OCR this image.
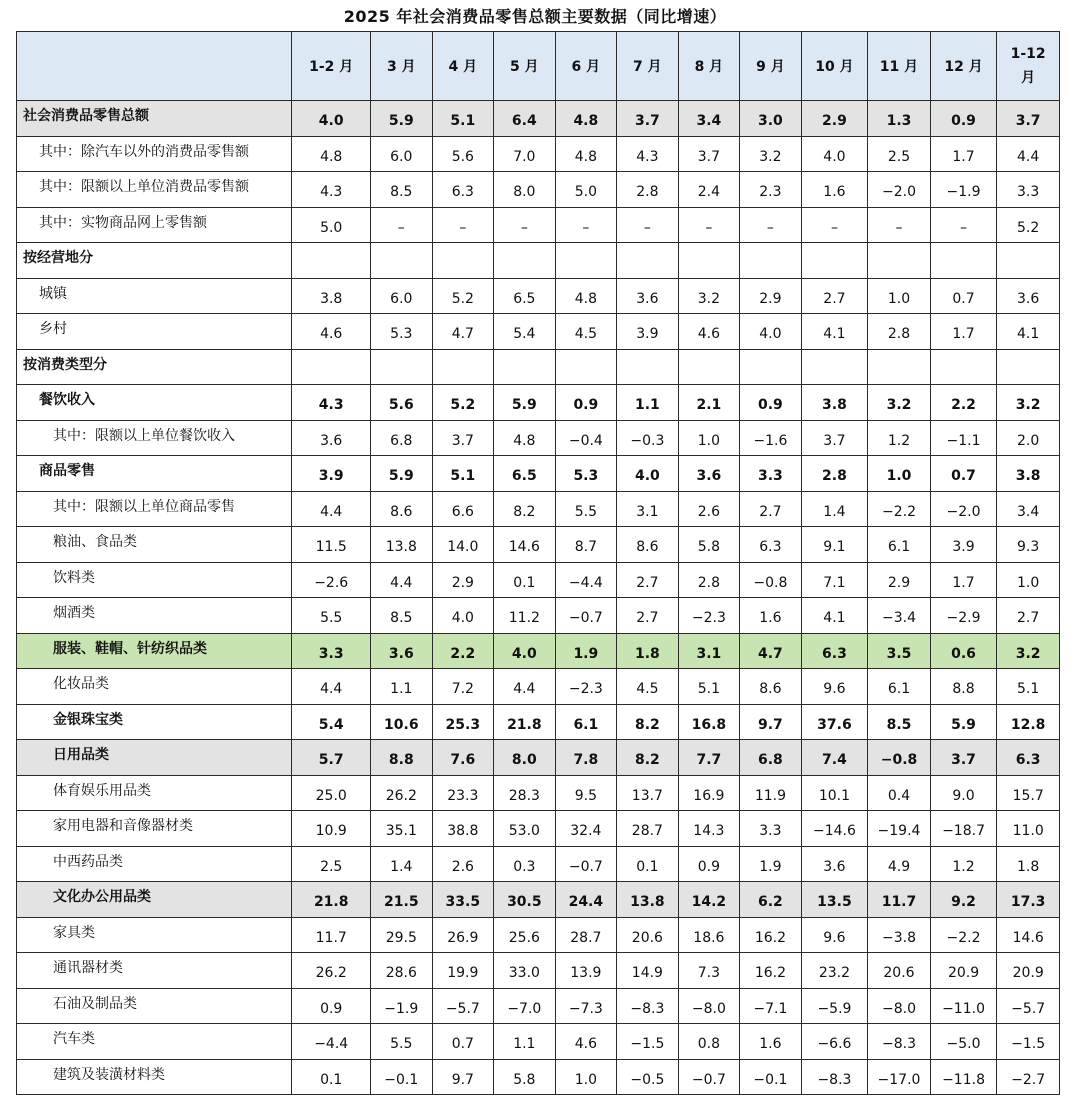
2025 年社会消费品零售总额主要数据（同比增速）
	1-2 月	3 月	4 月	5 月	6 月	7 月	8 月	9 月	10 月	11 月	12 月	1-12
月
社会消费品零售总额	4.0	5.9	5.1	6.4	4.8	3.7	3.4	3.0	2.9	1.3	0.9	3.7
其中：除汽车以外的消费品零售额	4.8	6.0	5.6	7.0	4.8	4.3	3.7	3.2	4.0	2.5	1.7	4.4
其中：限额以上单位消费品零售额	4.3	8.5	6.3	8.0	5.0	2.8	2.4	2.3	1.6	−2.0	−1.9	3.3
其中：实物商品网上零售额	5.0	–	–	–	–	–	–	–	–	–	–	5.2
按经营地分												
城镇	3.8	6.0	5.2	6.5	4.8	3.6	3.2	2.9	2.7	1.0	0.7	3.6
乡村	4.6	5.3	4.7	5.4	4.5	3.9	4.6	4.0	4.1	2.8	1.7	4.1
按消费类型分												
餐饮收入	4.3	5.6	5.2	5.9	0.9	1.1	2.1	0.9	3.8	3.2	2.2	3.2
其中：限额以上单位餐饮收入	3.6	6.8	3.7	4.8	−0.4	−0.3	1.0	−1.6	3.7	1.2	−1.1	2.0
商品零售	3.9	5.9	5.1	6.5	5.3	4.0	3.6	3.3	2.8	1.0	0.7	3.8
其中：限额以上单位商品零售	4.4	8.6	6.6	8.2	5.5	3.1	2.6	2.7	1.4	−2.2	−2.0	3.4
粮油、食品类	11.5	13.8	14.0	14.6	8.7	8.6	5.8	6.3	9.1	6.1	3.9	9.3
饮料类	−2.6	4.4	2.9	0.1	−4.4	2.7	2.8	−0.8	7.1	2.9	1.7	1.0
烟酒类	5.5	8.5	4.0	11.2	−0.7	2.7	−2.3	1.6	4.1	−3.4	−2.9	2.7
服装、鞋帽、针纺织品类	3.3	3.6	2.2	4.0	1.9	1.8	3.1	4.7	6.3	3.5	0.6	3.2
化妆品类	4.4	1.1	7.2	4.4	−2.3	4.5	5.1	8.6	9.6	6.1	8.8	5.1
金银珠宝类	5.4	10.6	25.3	21.8	6.1	8.2	16.8	9.7	37.6	8.5	5.9	12.8
日用品类	5.7	8.8	7.6	8.0	7.8	8.2	7.7	6.8	7.4	−0.8	3.7	6.3
体育娱乐用品类	25.0	26.2	23.3	28.3	9.5	13.7	16.9	11.9	10.1	0.4	9.0	15.7
家用电器和音像器材类	10.9	35.1	38.8	53.0	32.4	28.7	14.3	3.3	−14.6	−19.4	−18.7	11.0
中西药品类	2.5	1.4	2.6	0.3	−0.7	0.1	0.9	1.9	3.6	4.9	1.2	1.8
文化办公用品类	21.8	21.5	33.5	30.5	24.4	13.8	14.2	6.2	13.5	11.7	9.2	17.3
家具类	11.7	29.5	26.9	25.6	28.7	20.6	18.6	16.2	9.6	−3.8	−2.2	14.6
通讯器材类	26.2	28.6	19.9	33.0	13.9	14.9	7.3	16.2	23.2	20.6	20.9	20.9
石油及制品类	0.9	−1.9	−5.7	−7.0	−7.3	−8.3	−8.0	−7.1	−5.9	−8.0	−11.0	−5.7
汽车类	−4.4	5.5	0.7	1.1	4.6	−1.5	0.8	1.6	−6.6	−8.3	−5.0	−1.5
建筑及装潢材料类	0.1	−0.1	9.7	5.8	1.0	−0.5	−0.7	−0.1	−8.3	−17.0	−11.8	−2.7
